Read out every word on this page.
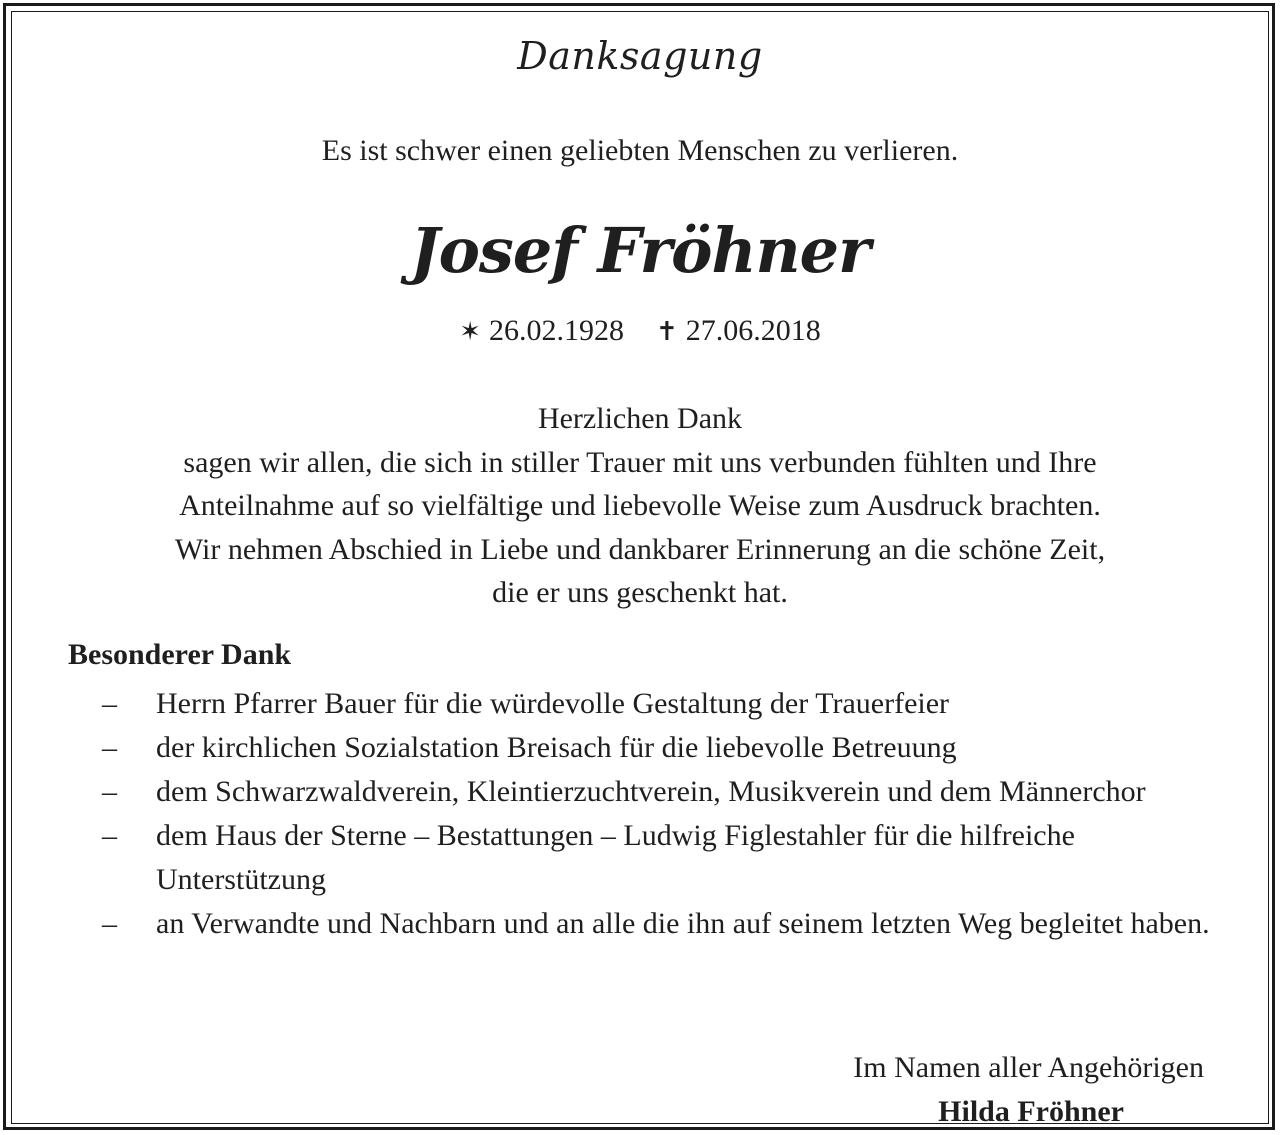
Danksagung
Es ist schwer einen geliebten Menschen zu verlieren.
Josef Fröhner
✶ 26.02.1928 ✝ 27.06.2018
Herzlichen Dank
sagen wir allen, die sich in stiller Trauer mit uns verbunden fühlten und Ihre
Anteilnahme auf so vielfältige und liebevolle Weise zum Ausdruck brachten.
Wir nehmen Abschied in Liebe und dankbarer Erinnerung an die schöne Zeit,
die er uns geschenkt hat.
Besonderer Dank
– Herrn Pfarrer Bauer für die würdevolle Gestaltung der Trauerfeier
– der kirchlichen Sozialstation Breisach für die liebevolle Betreuung
– dem Schwarzwaldverein, Kleintierzuchtverein, Musikverein und dem Männerchor
– dem Haus der Sterne – Bestattungen – Ludwig Figlestahler für die hilfreiche Unterstützung
– an Verwandte und Nachbarn und an alle die ihn auf seinem letzten Weg begleitet haben.
Im Namen aller Angehörigen
Hilda Fröhner
